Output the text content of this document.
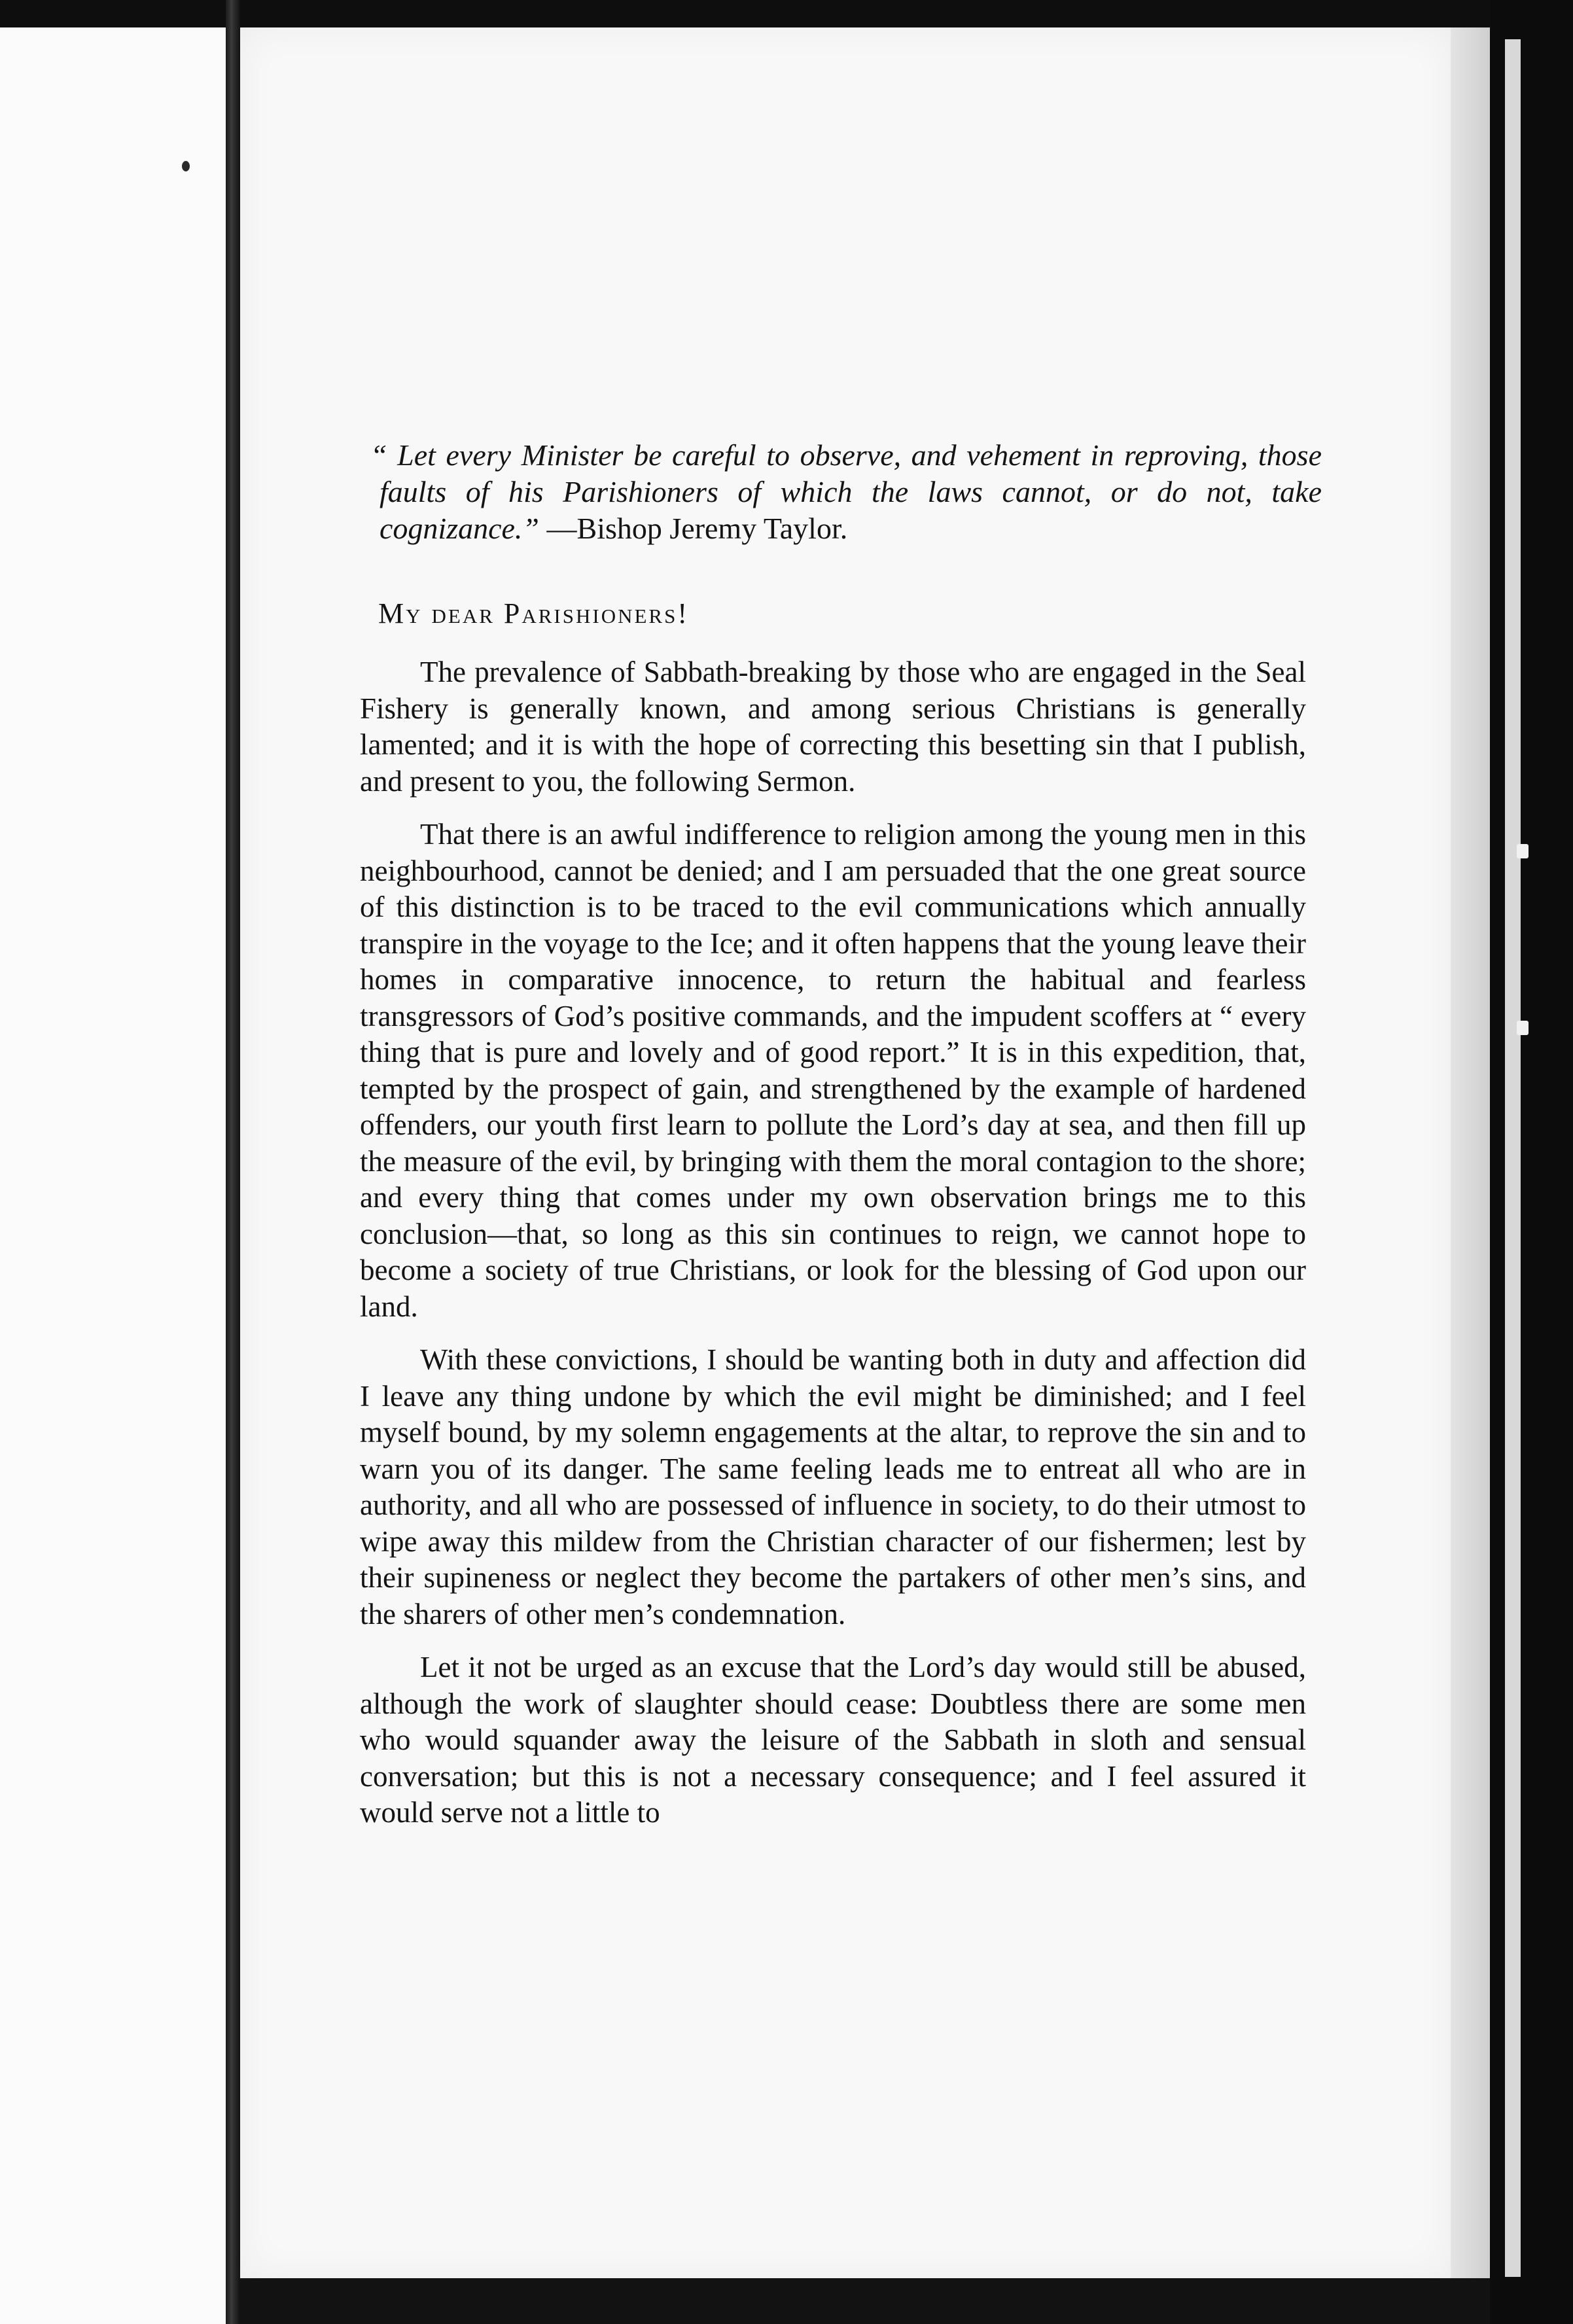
“ Let every Minister be careful to observe, and vehement in reproving, those faults of his Parishioners of which the laws cannot, or do not, take cognizance.” —Bishop Jeremy Taylor.
My dear Parishioners!

The prevalence of Sabbath-breaking by those who are engaged in the Seal Fishery is generally known, and among serious Christians is generally lamented; and it is with the hope of correcting this besetting sin that I publish, and present to you, the following Sermon.

That there is an awful indifference to religion among the young men in this neighbourhood, cannot be denied; and I am persuaded that the one great source of this distinction is to be traced to the evil communications which annually transpire in the voyage to the Ice; and it often happens that the young leave their homes in comparative innocence, to return the habitual and fearless transgressors of God’s positive commands, and the impudent scoffers at “ every thing that is pure and lovely and of good report.” It is in this expedition, that, tempted by the prospect of gain, and strengthened by the example of hardened offenders, our youth first learn to pollute the Lord’s day at sea, and then fill up the measure of the evil, by bringing with them the moral contagion to the shore; and every thing that comes under my own observation brings me to this conclusion—that, so long as this sin continues to reign, we cannot hope to become a society of true Christians, or look for the blessing of God upon our land.

With these convictions, I should be wanting both in duty and affection did I leave any thing undone by which the evil might be diminished; and I feel myself bound, by my solemn engagements at the altar, to reprove the sin and to warn you of its danger. The same feeling leads me to entreat all who are in authority, and all who are possessed of influence in society, to do their utmost to wipe away this mildew from the Christian character of our fishermen; lest by their supineness or neglect they become the partakers of other men’s sins, and the sharers of other men’s condemnation.

Let it not be urged as an excuse that the Lord’s day would still be abused, although the work of slaughter should cease: Doubtless there are some men who would squander away the leisure of the Sabbath in sloth and sensual conversation; but this is not a necessary consequence; and I feel assured it would serve not a little to
